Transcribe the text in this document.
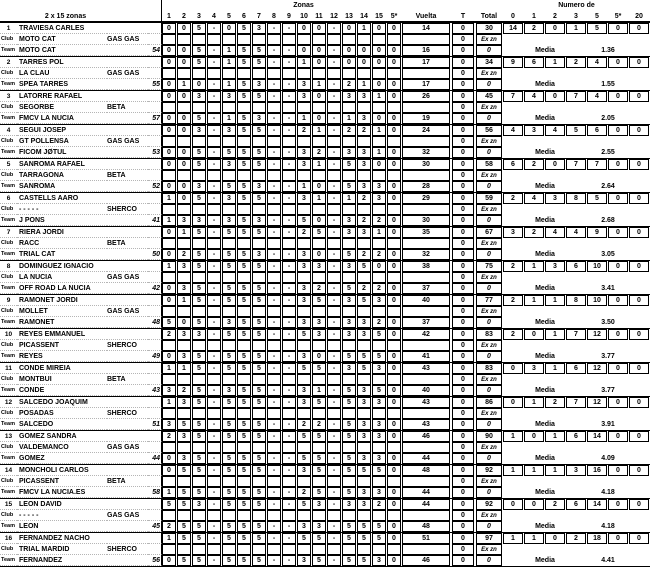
Zonas	Numero de
2 x 15 zonas	1	2	3	4	5	6	7	8	9	10	11	12	13	14	15	5*	Vuelta	T	Total	0	1	2	3	5	5*	20
1	TRAVIESA CARLES	0	0	5	-	0	5	3	-	-	0	0	-	0	1	0	0	14	0	30	14	2	0	1	5	0	0
Club MOTO CAT	GAS GAS	0	Ex zn
Team MOTO CAT	54	0	0	5	-	1	5	5	-	-	0	0	-	0	0	0	0	16	0	0	Media	1.36
2	TARRES POL	0	0	5	-	1	5	5	-	-	1	0	-	0	0	0	0	17	0	34	9	6	1	2	4	0	0
Club LA CLAU	GAS GAS	0	Ex zn
Team SPEA TARRES	55	0	1	0	-	1	5	3	-	-	3	1	-	2	1	0	0	17	0	0	Media	1.55
3	LATORRE RAFAEL	0	0	3	-	3	5	5	-	-	3	0	-	3	3	1	0	26	0	45	7	4	0	7	4	0	0
Club SEGORBE	BETA	0	Ex zn
Team FMCV LA NUCIA	57	0	0	5	-	1	5	3	-	-	1	0	-	1	3	0	0	19	0	0	Media	2.05
4	SEGUI JOSEP	0	0	3	-	3	5	5	-	-	2	1	-	2	2	1	0	24	0	56	4	3	4	5	6	0	0
Club GT POLLENSA	GAS GAS	0	Ex zn
Team FICOM JØTUL	53	0	0	5	-	5	5	5	-	-	3	2	-	3	3	1	0	32	0	0	Media	2.55
5	SANROMA RAFAEL	0	0	5	-	3	5	5	-	-	3	1	-	5	3	0	0	30	0	58	6	2	0	7	7	0	0
Club TARRAGONA	BETA	0	Ex zn
Team SANROMA	52	0	0	3	-	5	5	3	-	-	1	0	-	5	3	3	0	28	0	0	Media	2.64
6	CASTELLS AARO	1	0	5	-	3	5	5	-	-	3	1	-	1	2	3	0	29	0	59	2	4	3	8	5	0	0
Club - - - - -	SHERCO	0	Ex zn
Team J PONS	41	1	3	3	-	3	5	3	-	-	5	0	-	3	2	2	0	30	0	0	Media	2.68
7	RIERA JORDI	0	1	5	-	5	5	5	-	-	2	5	-	3	3	1	0	35	0	67	3	2	4	4	9	0	0
Club RACC	BETA	0	Ex zn
Team TRIAL CAT	50	0	2	5	-	5	5	3	-	-	3	0	-	5	2	2	0	32	0	0	Media	3.05
8	DOMINGUEZ IGNACIO	1	3	5	-	5	5	5	-	-	3	3	-	3	5	0	0	38	0	75	2	1	3	6	10	0	0
Club LA NUCIA	GAS GAS	0	Ex zn
Team OFF ROAD LA NUCIA	42	0	3	5	-	5	5	5	-	-	3	2	-	5	2	2	0	37	0	0	Media	3.41
9	RAMONET JORDI	0	1	5	-	5	5	5	-	-	3	5	-	3	5	3	0	40	0	77	2	1	1	8	10	0	0
Club MOLLET	GAS GAS	0	Ex zn
Team RAMONET	48	5	0	5	-	3	5	5	-	-	3	3	-	3	3	2	0	37	0	0	Media	3.50
10 REYES EMMANUEL	2	3	3	-	5	5	5	-	-	5	3	-	3	3	5	0	42	0	83	2	0	1	7	12	0	0
Club PICASSENT	SHERCO	0	Ex zn
Team REYES	49	0	3	5	-	5	5	5	-	-	3	0	-	5	5	5	0	41	0	0	Media	3.77
11	CONDE MIREIA	1	1	5	-	5	5	5	-	-	5	5	-	3	5	3	0	43	0	83	0	3	1	6	12	0	0
Club MONTBUI	BETA	0	Ex zn
Team CONDE	43	3	2	5	-	3	5	5	-	-	3	1	-	5	3	5	0	40	0	0	Media	3.77
12 SALCEDO JOAQUIM	1	3	5	-	5	5	5	-	-	3	5	-	5	3	3	0	43	0	86	0	1	2	7	12	0	0
Club POSADAS	SHERCO	0	Ex zn
Team SALCEDO	51	3	5	5	-	5	5	5	-	-	2	2	-	5	3	3	0	43	0	0	Media	3.91
13 GOMEZ SANDRA	2	3	5	-	5	5	5	-	-	5	5	-	5	3	3	0	46	0	90	1	0	1	6	14	0	0
Club VALDEMANCO	GAS GAS	0	Ex zn
Team GOMEZ	44	0	3	5	-	5	5	5	-	-	5	5	-	5	3	3	0	44	0	0	Media	4.09
14 MONCHOLI CARLOS	0	5	5	-	5	5	5	-	-	3	5	-	5	5	5	0	48	0	92	1	1	1	3	16	0	0
Club PICASSENT	BETA	0	Ex zn
Team FMCV LA NUCIA.ES	58	1	5	5	-	5	5	5	-	-	2	5	-	5	3	3	0	44	0	0	Media	4.18
15 LEON DAVID	5	5	3	-	5	5	5	-	-	5	3	-	3	3	2	0	44	0	92	0	0	2	6	14	0	0
Club - - - - -	GAS GAS	0	Ex zn
Team LEON	45	2	5	5	-	5	5	5	-	-	3	3	-	5	5	5	0	48	0	0	Media	4.18
16 FERNANDEZ NACHO	1	5	5	-	5	5	5	-	-	5	5	-	5	5	5	0	51	0	97	1	1	0	2	18	0	0
Club TRIAL MARDID	SHERCO	0	Ex zn
Team FERNANDEZ	56	0	5	5	-	5	5	5	-	-	3	5	-	5	5	3	0	46	0	0	Media	4.41
